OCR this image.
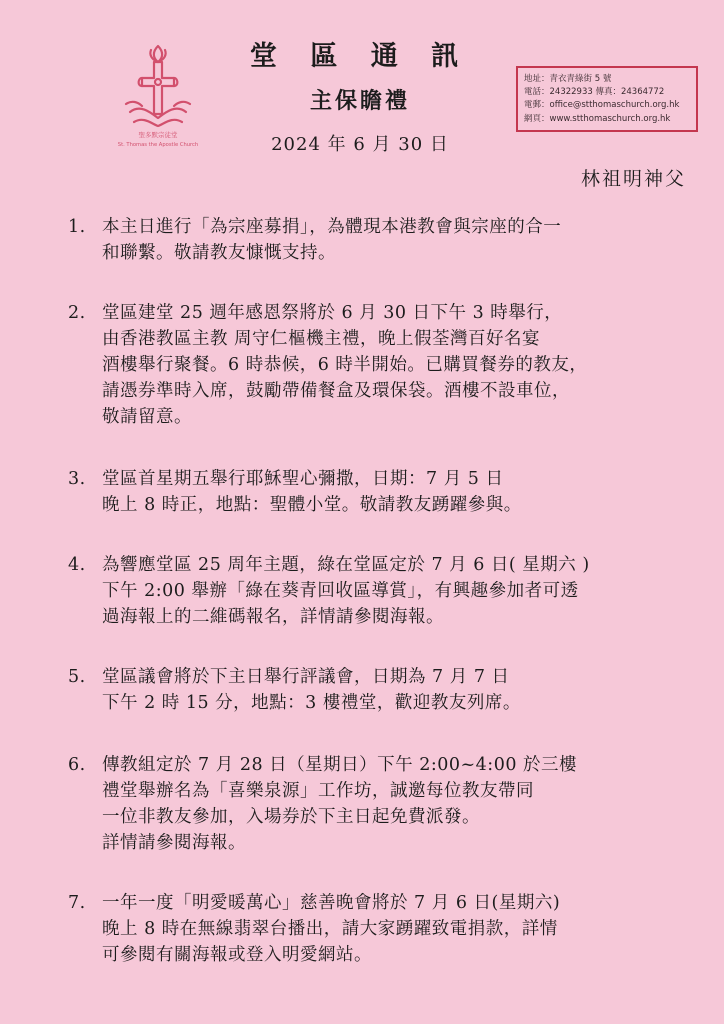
聖多默宗徒堂
St. Thomas the Apostle Church
堂 區 通 訊
主保瞻禮
2024 年 6 月 30 日
地址：青衣青綠街 5 號
電話：24322933 傳真：24364772
電郵：office@stthomaschurch.org.hk
網頁：www.stthomaschurch.org.hk
林祖明神父
1. 本主日進行「為宗座募捐」，為體現本港教會與宗座的合一
和聯繫。敬請教友慷慨支持。
2. 堂區建堂 25 週年感恩祭將於 6 月 30 日下午 3 時舉行，
由香港教區主教 周守仁樞機主禮，晚上假荃灣百好名宴
酒樓舉行聚餐。6 時恭候，6 時半開始。已購買餐券的教友，
請憑券準時入席，鼓勵帶備餐盒及環保袋。酒樓不設車位，
敬請留意。
3. 堂區首星期五舉行耶穌聖心彌撒，日期：7 月 5 日
晚上 8 時正，地點：聖體小堂。敬請教友踴躍參與。
4. 為響應堂區 25 周年主題，綠在堂區定於 7 月 6 日( 星期六 )
下午 2:00 舉辦「綠在葵青回收區導賞」，有興趣參加者可透
過海報上的二維碼報名，詳情請參閱海報。
5. 堂區議會將於下主日舉行評議會，日期為 7 月 7 日
下午 2 時 15 分，地點：3 樓禮堂，歡迎教友列席。
6. 傳教組定於 7 月 28 日（星期日）下午 2:00~4:00 於三樓
禮堂舉辦名為「喜樂泉源」工作坊，誠邀每位教友帶同
一位非教友參加，入場券於下主日起免費派發。
詳情請參閱海報。
7. 一年一度「明愛暖萬心」慈善晚會將於 7 月 6 日(星期六)
晚上 8 時在無線翡翠台播出，請大家踴躍致電捐款，詳情
可參閱有關海報或登入明愛網站。
